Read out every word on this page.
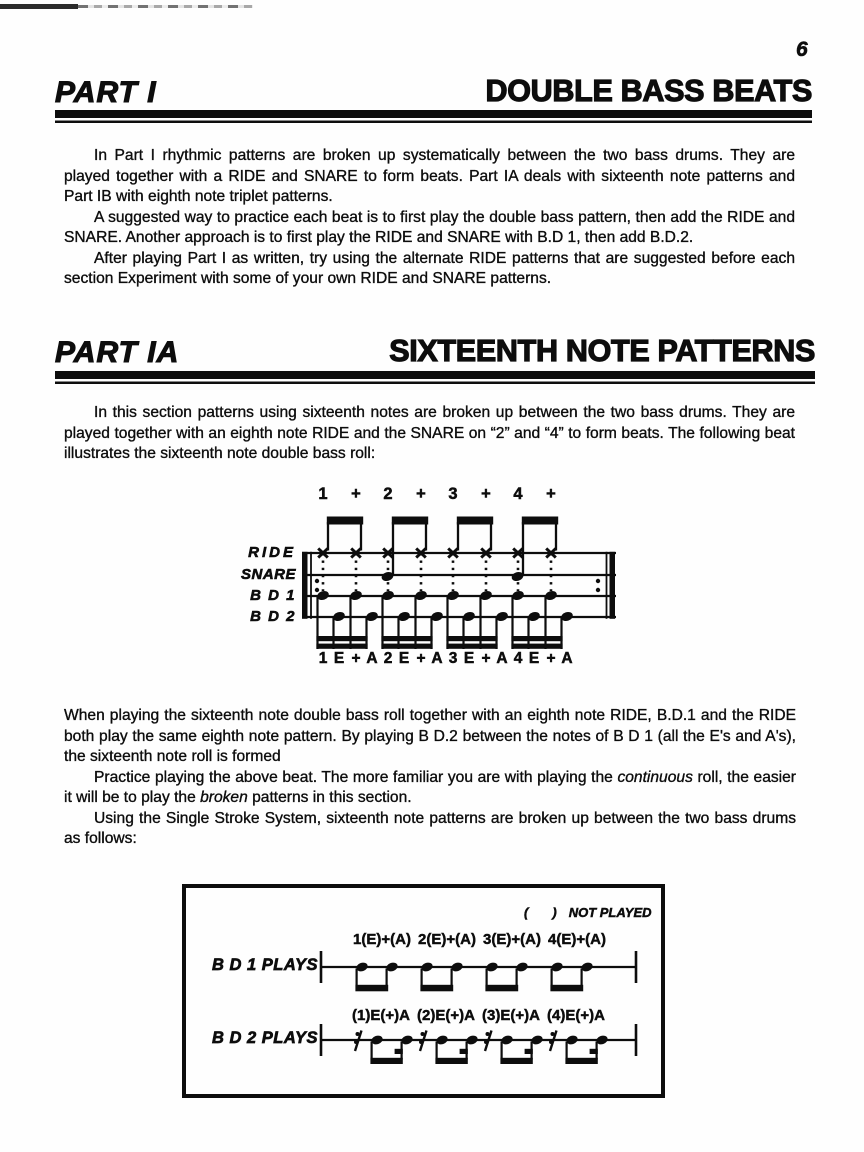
6
PART I	DOUBLE BASS BEATS

In Part I rhythmic patterns are broken up systematically between the two bass drums. They are played together with a RIDE and SNARE to form beats. Part IA deals with sixteenth note patterns and Part IB with eighth note triplet patterns.

A suggested way to practice each beat is to first play the double bass pattern, then add the RIDE and SNARE. Another approach is to first play the RIDE and SNARE with B.D 1, then add B.D.2.

After playing Part I as written, try using the alternate RIDE patterns that are suggested before each section Experiment with some of your own RIDE and SNARE patterns.

PART IA	SIXTEENTH NOTE PATTERNS

In this section patterns using sixteenth notes are broken up between the two bass drums. They are played together with an eighth note RIDE and the SNARE on “2” and “4” to form beats. The following beat illustrates the sixteenth note double bass roll:

1	+	2	+	3	+	4	+
RIDE
SNARE
B D 1
B D 2
1 E + A 2 E + A 3 E + A 4 E + A

When playing the sixteenth note double bass roll together with an eighth note RIDE, B.D.1 and the RIDE both play the same eighth note pattern. By playing B D.2 between the notes of B D 1 (all the E's and A's), the sixteenth note roll is formed

Practice playing the above beat. The more familiar you are with playing the continuous roll, the easier it will be to play the broken patterns in this section.

Using the Single Stroke System, sixteenth note patterns are broken up between the two bass drums as follows:

( ) NOT PLAYED
B D 1 PLAYS
B D 2 PLAYS
1(E)+(A) 2(E)+(A) 3(E)+(A) 4(E)+(A)
(1)E(+)A (2)E(+)A (3)E(+)A (4)E(+)A
